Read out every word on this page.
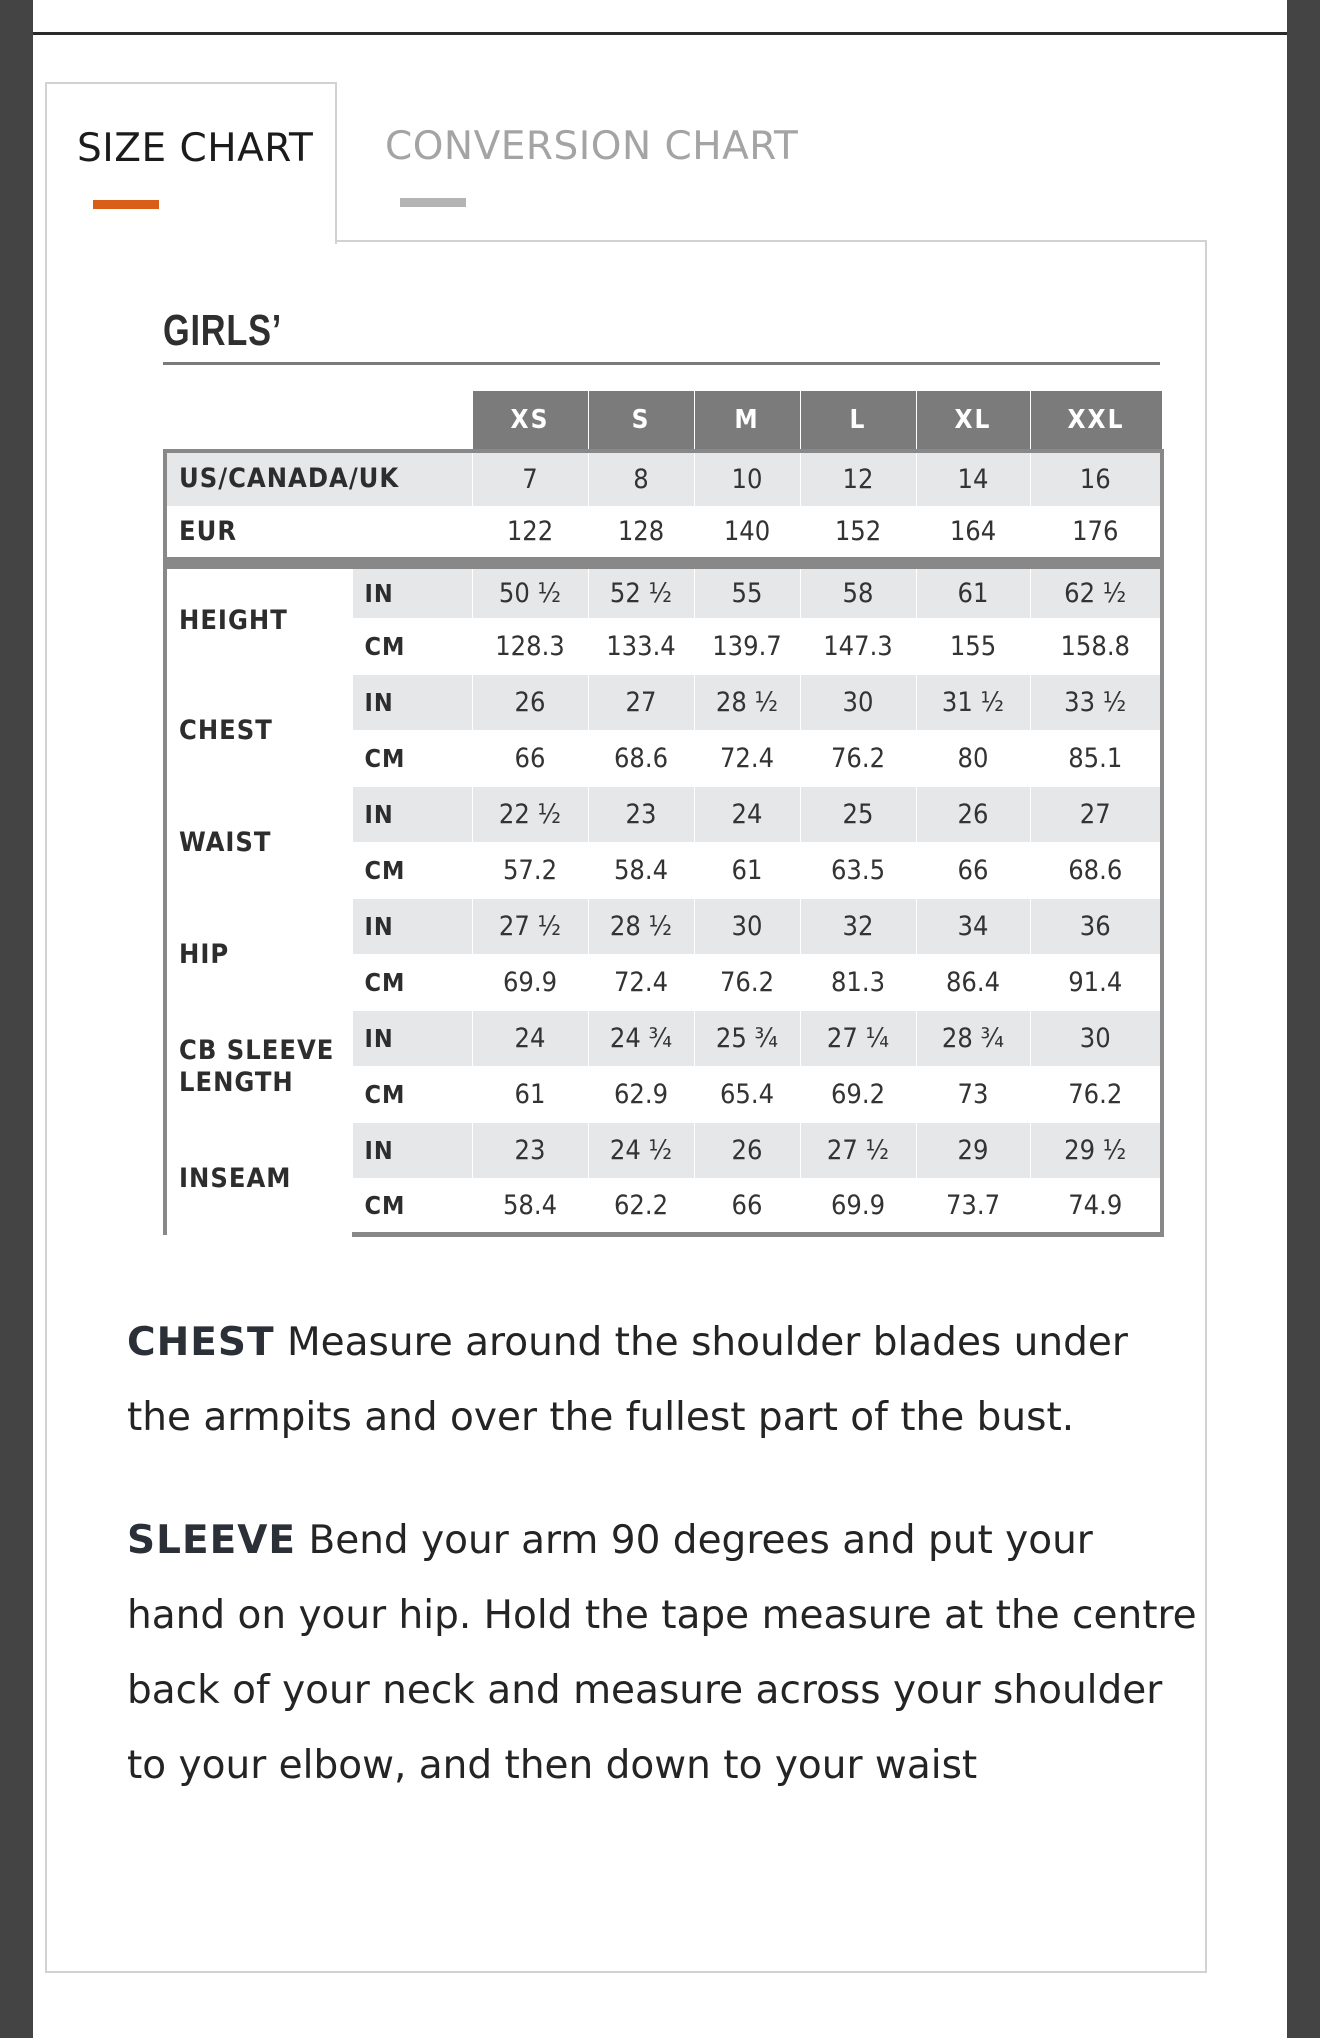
SIZE CHART CONVERSION CHART
GIRLS’
		XS	S	M	L	XL	XXL
US/CANADA/UK		7	8	10	12	14	16
EUR		122	128	140	152	164	176
HEIGHT	IN	50 ½	52 ½	55	58	61	62 ½
	CM	128.3	133.4	139.7	147.3	155	158.8
CHEST	IN	26	27	28 ½	30	31 ½	33 ½
	CM	66	68.6	72.4	76.2	80	85.1
WAIST	IN	22 ½	23	24	25	26	27
	CM	57.2	58.4	61	63.5	66	68.6
HIP	IN	27 ½	28 ½	30	32	34	36
	CM	69.9	72.4	76.2	81.3	86.4	91.4
CB SLEEVE LENGTH	IN	24	24 ¾	25 ¾	27 ¼	28 ¾	30
	CM	61	62.9	65.4	69.2	73	76.2
INSEAM	IN	23	24 ½	26	27 ½	29	29 ½
	CM	58.4	62.2	66	69.9	73.7	74.9
CHEST Measure around the shoulder blades under the armpits and over the fullest part of the bust.
SLEEVE Bend your arm 90 degrees and put your hand on your hip. Hold the tape measure at the centre back of your neck and measure across your shoulder to your elbow, and then down to your waist
